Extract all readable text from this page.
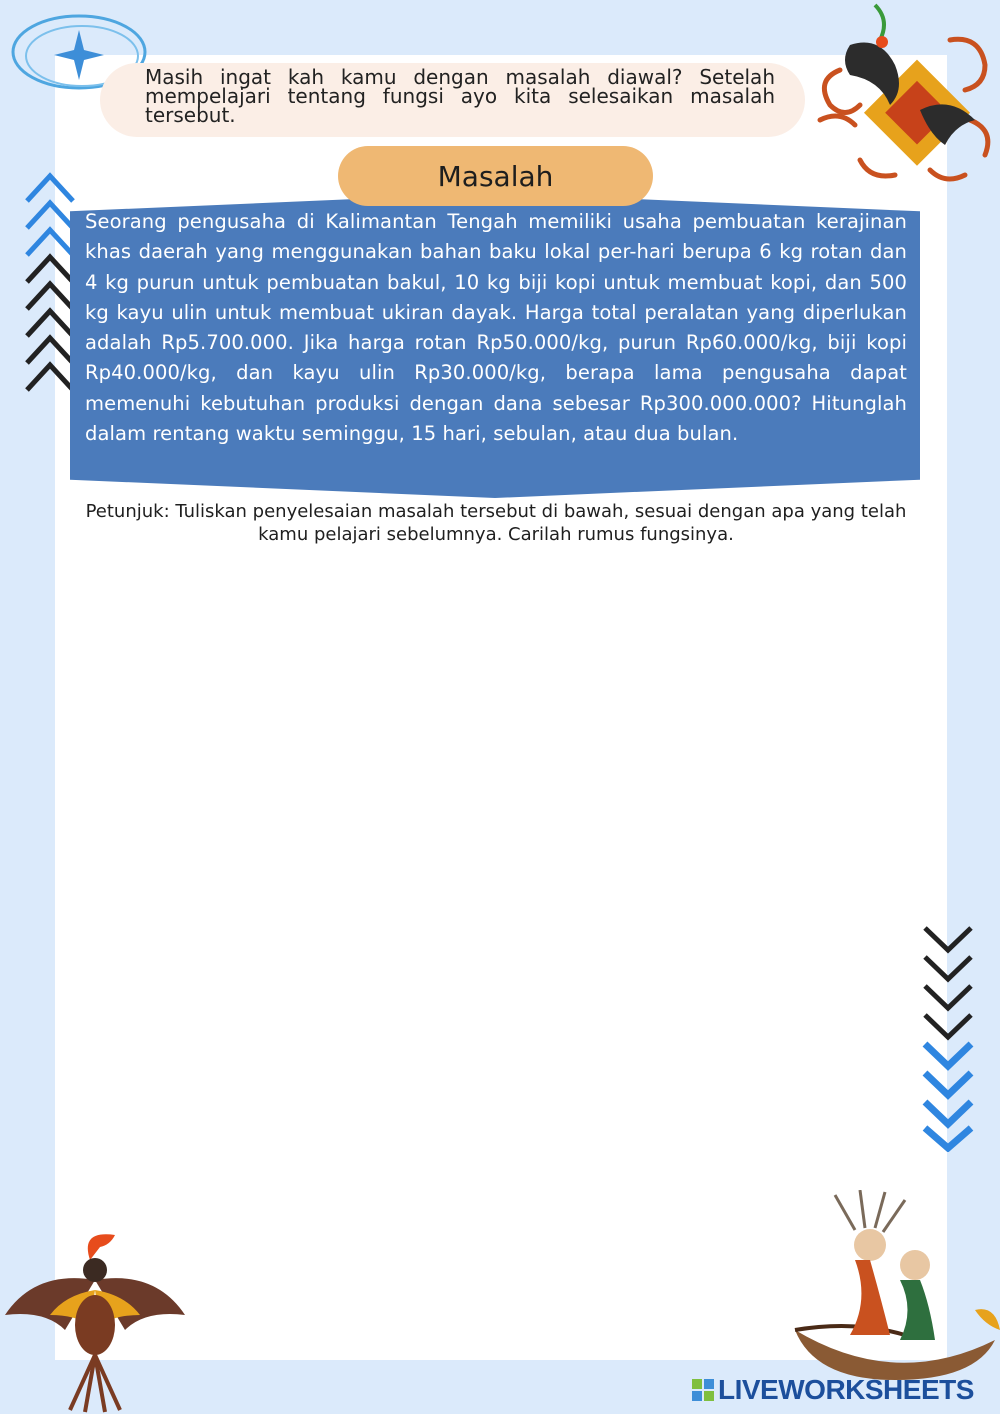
Masih ingat kah kamu dengan masalah diawal? Setelah mempelajari tentang fungsi ayo kita selesaikan masalah tersebut.

Seorang pengusaha di Kalimantan Tengah memiliki usaha pembuatan kerajinan khas daerah yang menggunakan bahan baku lokal per-hari berupa 6 kg rotan dan 4 kg purun untuk pembuatan bakul, 10 kg biji kopi untuk membuat kopi, dan 500 kg kayu ulin untuk membuat ukiran dayak. Harga total peralatan yang diperlukan adalah Rp5.700.000. Jika harga rotan Rp50.000/kg, purun Rp60.000/kg, biji kopi Rp40.000/kg, dan kayu ulin Rp30.000/kg, berapa lama pengusaha dapat memenuhi kebutuhan produksi dengan dana sebesar Rp300.000.000? Hitunglah dalam rentang waktu seminggu, 15 hari, sebulan, atau dua bulan.

Masalah

Petunjuk: Tuliskan penyelesaian masalah tersebut di bawah, sesuai dengan apa yang telah kamu pelajari sebelumnya. Carilah rumus fungsinya.

LIVEWORKSHEETS
